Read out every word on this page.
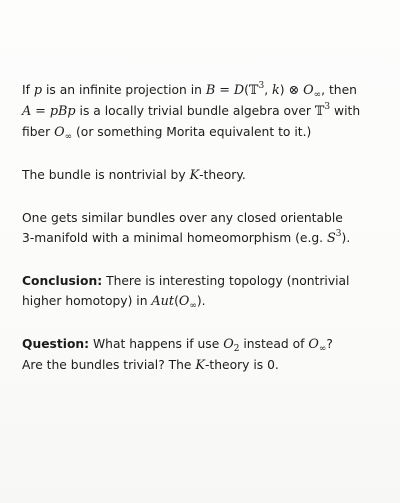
If p is an infinite projection in B = D(𝕋$^3$, k) ⊗ $O_\infty$, then
A = pBp is a locally trivial bundle algebra over 𝕋$^3$ with
fiber $O_\infty$ (or something Morita equivalent to it.)

The bundle is nontrivial by K-theory.

One gets similar bundles over any closed orientable
3-manifold with a minimal homeomorphism (e.g. $S^3$).

Conclusion: There is interesting topology (nontrivial
higher homotopy) in $Aut(O_\infty)$.

Question: What happens if use $O_2$ instead of $O_\infty$?
Are the bundles trivial? The K-theory is 0.
